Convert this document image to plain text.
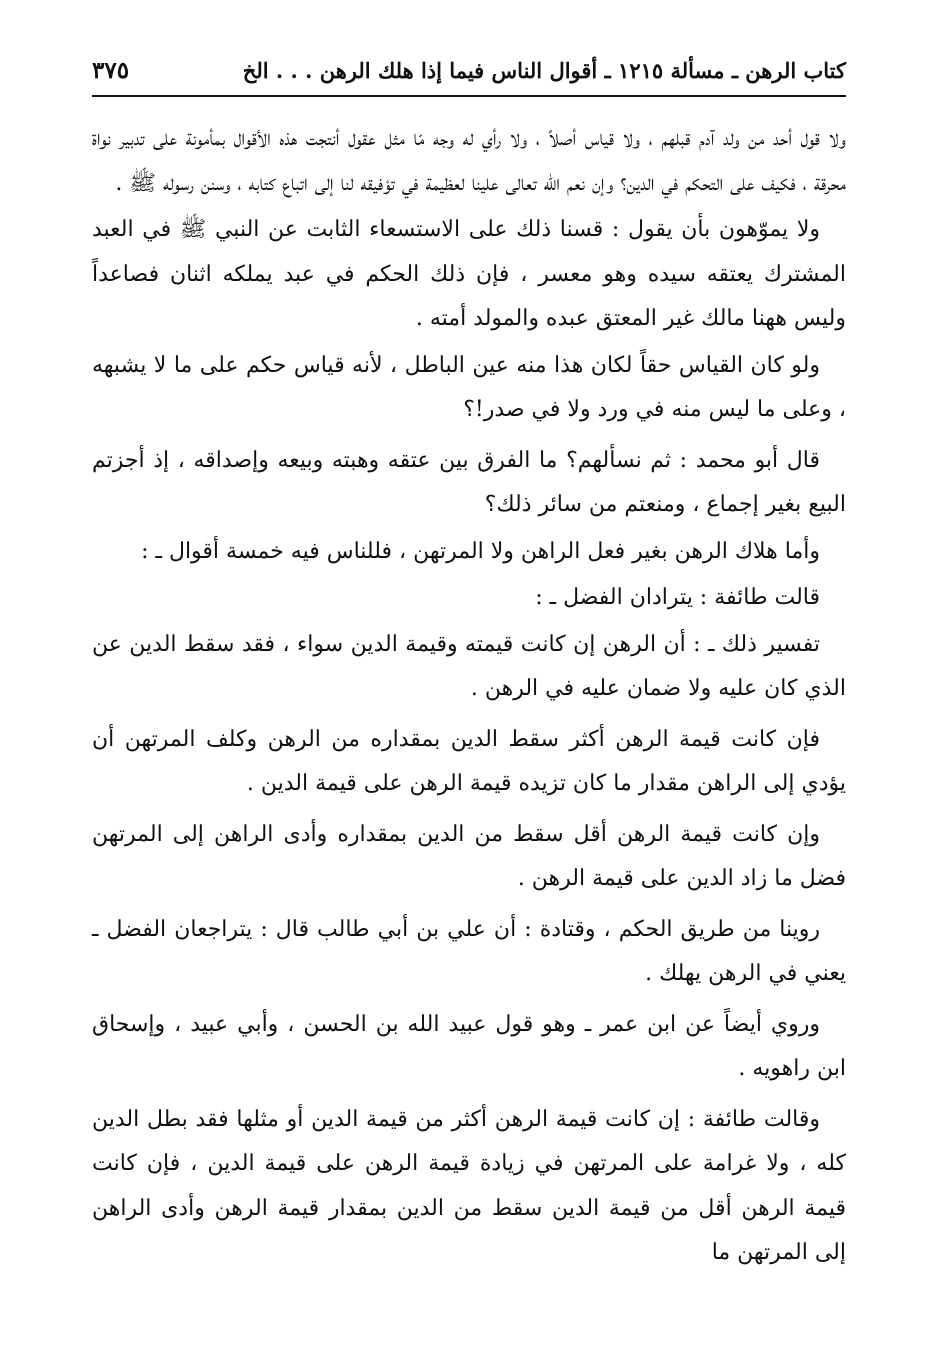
كتاب الرهن ـ مسألة ١٢١٥ ـ أقوال الناس فيما إذا هلك الرهن . . . الخ
٣٧٥

ولا قول أحد من ولد آدم قبلهم ، ولا قياس أصلاً ، ولا رأي له وجه مّا مثل عقول أنتجت هذه الأقوال بمأمونة على تدبير نواة محرقة ، فكيف على التحكم في الدين؟ وإن نعم الله تعالى علينا لعظيمة في توْفيقه لنا إلى اتباع كتابه ، وسنن رسوله ﷺ .

ولا يموّهون بأن يقول : قسنا ذلك على الاستسعاء الثابت عن النبي ﷺ في العبد المشترك يعتقه سيده وهو معسر ، فإن ذلك الحكم في عبد يملكه اثنان فصاعداً وليس ههنا مالك غير المعتق عبده والمولد أمته .

ولو كان القياس حقاً لكان هذا منه عين الباطل ، لأنه قياس حكم على ما لا يشبهه ، وعلى ما ليس منه في ورد ولا في صدر!؟

قال أبو محمد : ثم نسألهم؟ ما الفرق بين عتقه وهبته وبيعه وإصداقه ، إذ أجزتم البيع بغير إجماع ، ومنعتم من سائر ذلك؟

وأما هلاك الرهن بغير فعل الراهن ولا المرتهن ، فللناس فيه خمسة أقوال ـ :

قالت طائفة : يترادان الفضل ـ :

تفسير ذلك ـ : أن الرهن إن كانت قيمته وقيمة الدين سواء ، فقد سقط الدين عن الذي كان عليه ولا ضمان عليه في الرهن .

فإن كانت قيمة الرهن أكثر سقط الدين بمقداره من الرهن وكلف المرتهن أن يؤدي إلى الراهن مقدار ما كان تزيده قيمة الرهن على قيمة الدين .

وإن كانت قيمة الرهن أقل سقط من الدين بمقداره وأدى الراهن إلى المرتهن فضل ما زاد الدين على قيمة الرهن .

روينا من طريق الحكم ، وقتادة : أن علي بن أبي طالب قال : يتراجعان الفضل ـ يعني في الرهن يهلك .

وروي أيضاً عن ابن عمر ـ وهو قول عبيد الله بن الحسن ، وأبي عبيد ، وإسحاق ابن راهويه .

وقالت طائفة : إن كانت قيمة الرهن أكثر من قيمة الدين أو مثلها فقد بطل الدين كله ، ولا غرامة على المرتهن في زيادة قيمة الرهن على قيمة الدين ، فإن كانت قيمة الرهن أقل من قيمة الدين سقط من الدين بمقدار قيمة الرهن وأدى الراهن إلى المرتهن ما
